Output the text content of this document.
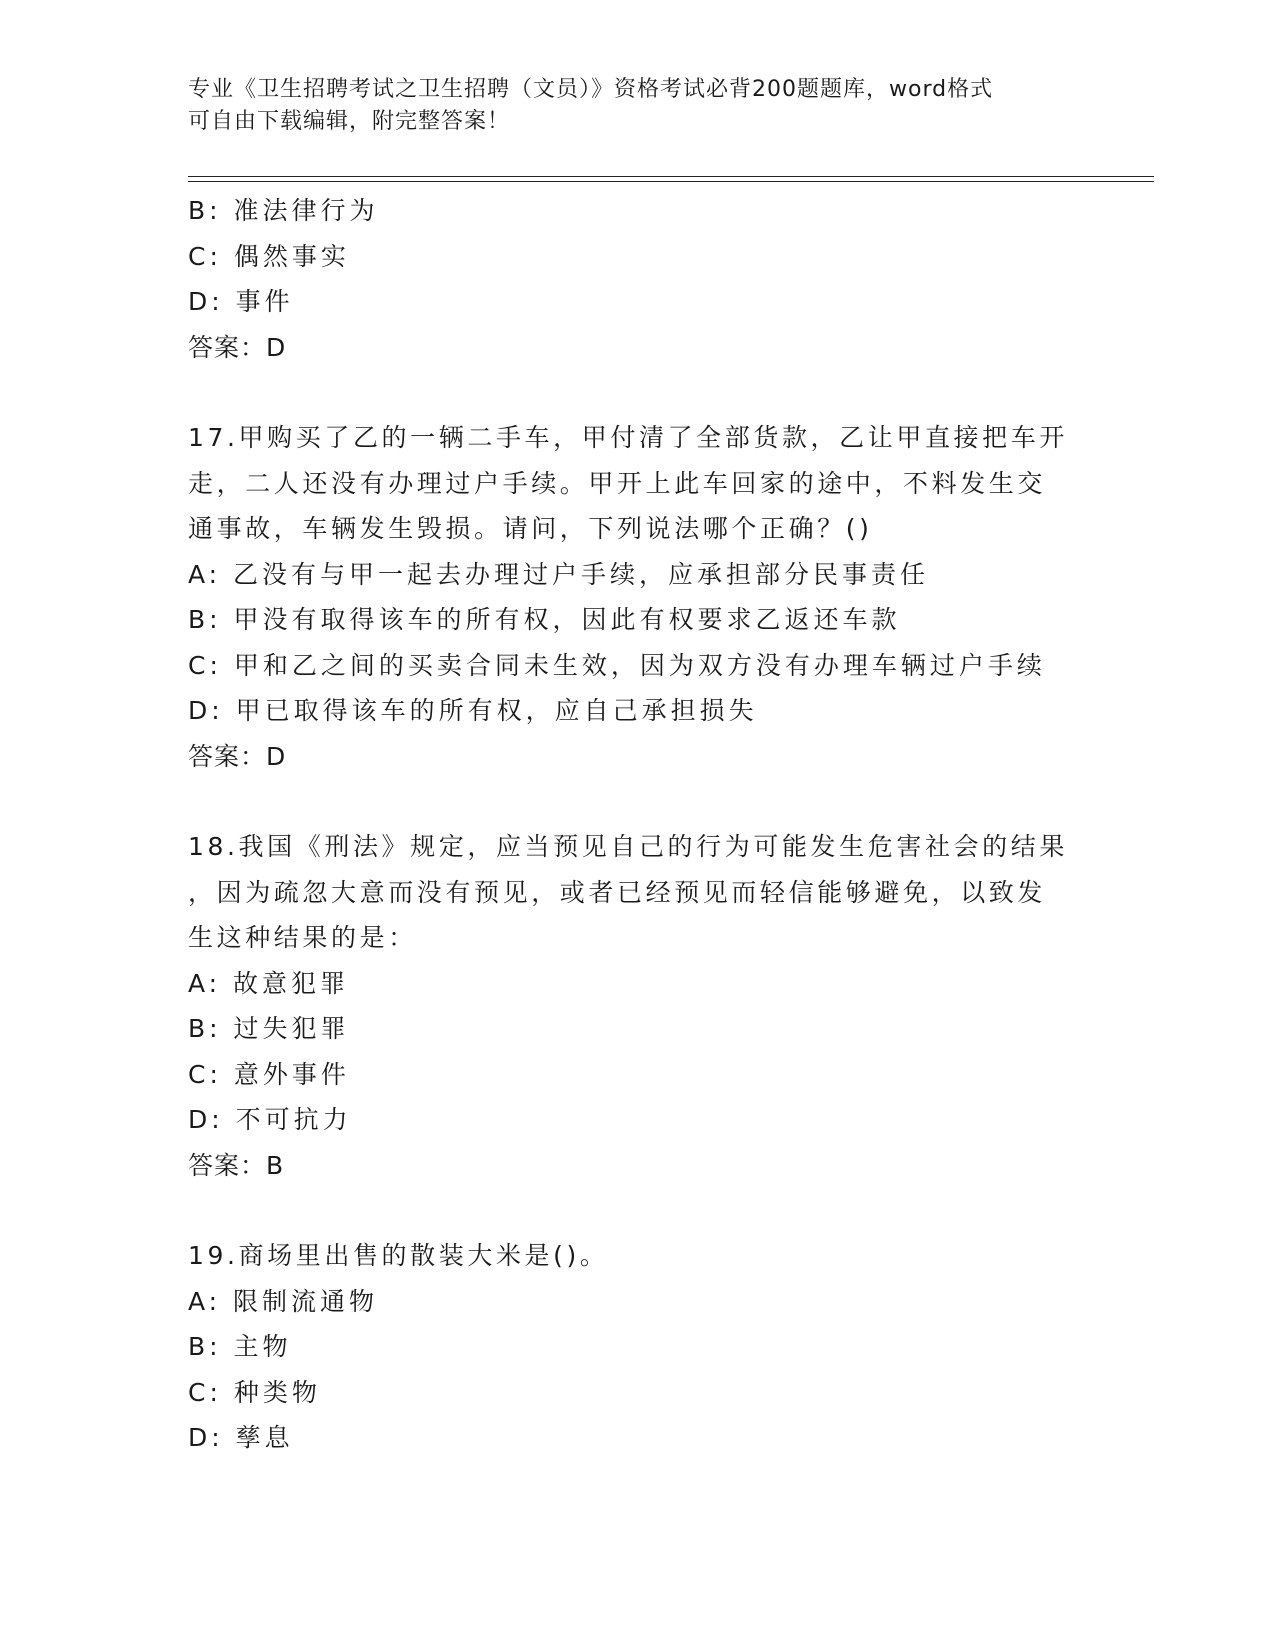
专业《卫生招聘考试之卫生招聘（文员）》资格考试必背200题题库，word格式
可自由下载编辑，附完整答案！
B: 准法律行为
C: 偶然事实
D: 事件
答案：D
17.甲购买了乙的一辆二手车，甲付清了全部货款，乙让甲直接把车开
走，二人还没有办理过户手续。甲开上此车回家的途中，不料发生交
通事故，车辆发生毁损。请问，下列说法哪个正确？()
A: 乙没有与甲一起去办理过户手续，应承担部分民事责任
B: 甲没有取得该车的所有权，因此有权要求乙返还车款
C: 甲和乙之间的买卖合同未生效，因为双方没有办理车辆过户手续
D: 甲已取得该车的所有权，应自己承担损失
答案：D
18.我国《刑法》规定，应当预见自己的行为可能发生危害社会的结果
，因为疏忽大意而没有预见，或者已经预见而轻信能够避免，以致发
生这种结果的是：
A: 故意犯罪
B: 过失犯罪
C: 意外事件
D: 不可抗力
答案：B
19.商场里出售的散装大米是()。
A: 限制流通物
B: 主物
C: 种类物
D: 孳息
